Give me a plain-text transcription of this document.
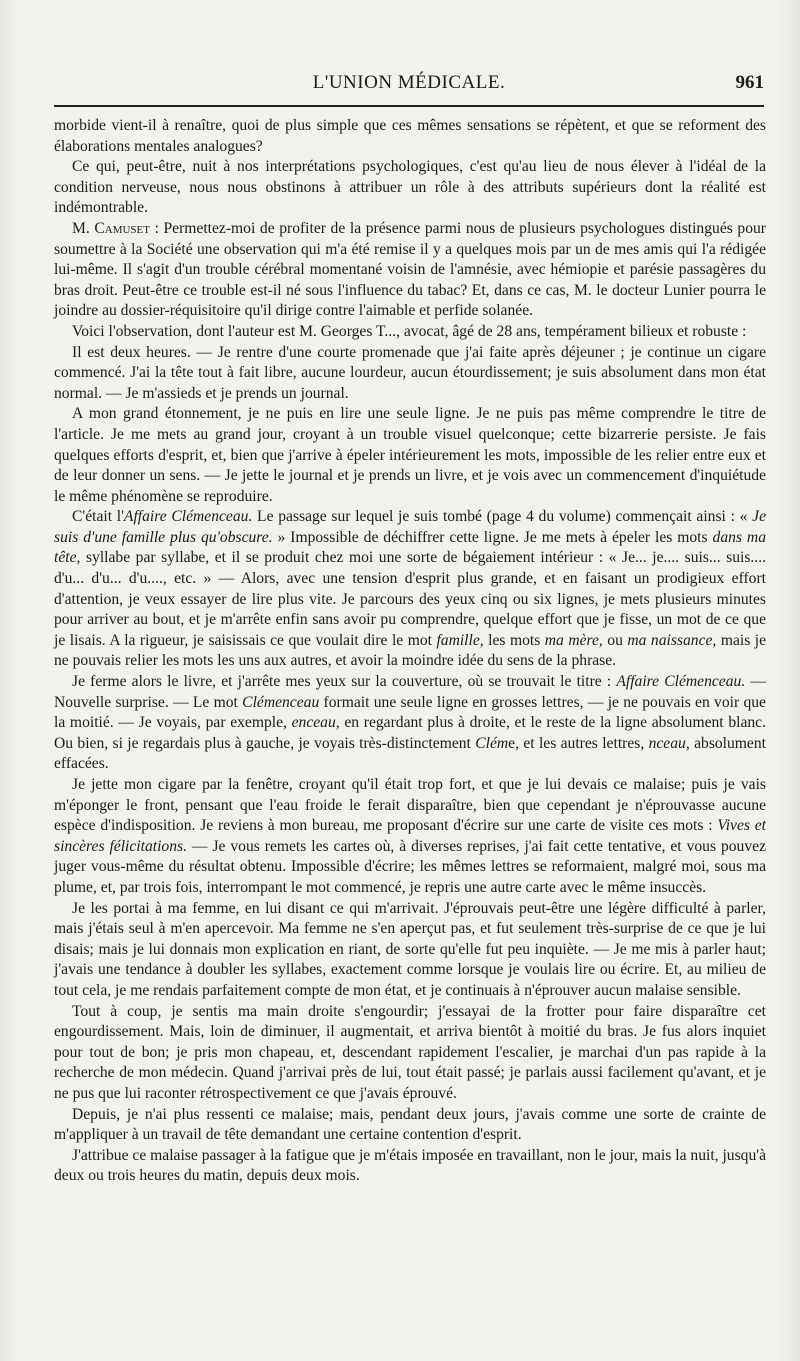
L'UNION MÉDICALE.	961

morbide vient-il à renaître, quoi de plus simple que ces mêmes sensations se répètent, et que se reforment des élaborations mentales analogues?

Ce qui, peut-être, nuit à nos interprétations psychologiques, c'est qu'au lieu de nous élever à l'idéal de la condition nerveuse, nous nous obstinons à attribuer un rôle à des attributs supérieurs dont la réalité est indémontrable.

M. Camuset : Permettez-moi de profiter de la présence parmi nous de plusieurs psychologues distingués pour soumettre à la Société une observation qui m'a été remise il y a quelques mois par un de mes amis qui l'a rédigée lui-même. Il s'agit d'un trouble cérébral momentané voisin de l'amnésie, avec hémiopie et parésie passagères du bras droit. Peut-être ce trouble est-il né sous l'influence du tabac? Et, dans ce cas, M. le docteur Lunier pourra le joindre au dossier-réquisitoire qu'il dirige contre l'aimable et perfide solanée.

Voici l'observation, dont l'auteur est M. Georges T..., avocat, âgé de 28 ans, tempérament bilieux et robuste :

Il est deux heures. — Je rentre d'une courte promenade que j'ai faite après déjeuner ; je continue un cigare commencé. J'ai la tête tout à fait libre, aucune lourdeur, aucun étourdissement; je suis absolument dans mon état normal. — Je m'assieds et je prends un journal.

A mon grand étonnement, je ne puis en lire une seule ligne. Je ne puis pas même comprendre le titre de l'article. Je me mets au grand jour, croyant à un trouble visuel quelconque; cette bizarrerie persiste. Je fais quelques efforts d'esprit, et, bien que j'arrive à épeler intérieurement les mots, impossible de les relier entre eux et de leur donner un sens. — Je jette le journal et je prends un livre, et je vois avec un commencement d'inquiétude le même phénomène se reproduire.

C'était l'Affaire Clémenceau. Le passage sur lequel je suis tombé (page 4 du volume) commençait ainsi : « Je suis d'une famille plus qu'obscure. » Impossible de déchiffrer cette ligne. Je me mets à épeler les mots dans ma tête, syllabe par syllabe, et il se produit chez moi une sorte de bégaiement intérieur : « Je... je.... suis... suis.... d'u... d'u... d'u...., etc. » — Alors, avec une tension d'esprit plus grande, et en faisant un prodigieux effort d'attention, je veux essayer de lire plus vite. Je parcours des yeux cinq ou six lignes, je mets plusieurs minutes pour arriver au bout, et je m'arrête enfin sans avoir pu comprendre, quelque effort que je fisse, un mot de ce que je lisais. A la rigueur, je saisissais ce que voulait dire le mot famille, les mots ma mère, ou ma naissance, mais je ne pouvais relier les mots les uns aux autres, et avoir la moindre idée du sens de la phrase.

Je ferme alors le livre, et j'arrête mes yeux sur la couverture, où se trouvait le titre : Affaire Clémenceau. — Nouvelle surprise. — Le mot Clémenceau formait une seule ligne en grosses lettres, — je ne pouvais en voir que la moitié. — Je voyais, par exemple, enceau, en regardant plus à droite, et le reste de la ligne absolument blanc. Ou bien, si je regardais plus à gauche, je voyais très-distinctement Cléme, et les autres lettres, nceau, absolument effacées.

Je jette mon cigare par la fenêtre, croyant qu'il était trop fort, et que je lui devais ce malaise; puis je vais m'éponger le front, pensant que l'eau froide le ferait disparaître, bien que cependant je n'éprouvasse aucune espèce d'indisposition. Je reviens à mon bureau, me proposant d'écrire sur une carte de visite ces mots : Vives et sincères félicitations. — Je vous remets les cartes où, à diverses reprises, j'ai fait cette tentative, et vous pouvez juger vous-même du résultat obtenu. Impossible d'écrire; les mêmes lettres se reformaient, malgré moi, sous ma plume, et, par trois fois, interrompant le mot commencé, je repris une autre carte avec le même insuccès.

Je les portai à ma femme, en lui disant ce qui m'arrivait. J'éprouvais peut-être une légère difficulté à parler, mais j'étais seul à m'en apercevoir. Ma femme ne s'en aperçut pas, et fut seulement très-surprise de ce que je lui disais; mais je lui donnais mon explication en riant, de sorte qu'elle fut peu inquiète. — Je me mis à parler haut; j'avais une tendance à doubler les syllabes, exactement comme lorsque je voulais lire ou écrire. Et, au milieu de tout cela, je me rendais parfaitement compte de mon état, et je continuais à n'éprouver aucun malaise sensible.

Tout à coup, je sentis ma main droite s'engourdir; j'essayai de la frotter pour faire disparaître cet engourdissement. Mais, loin de diminuer, il augmentait, et arriva bientôt à moitié du bras. Je fus alors inquiet pour tout de bon; je pris mon chapeau, et, descendant rapidement l'escalier, je marchai d'un pas rapide à la recherche de mon médecin. Quand j'arrivai près de lui, tout était passé; je parlais aussi facilement qu'avant, et je ne pus que lui raconter rétrospectivement ce que j'avais éprouvé.

Depuis, je n'ai plus ressenti ce malaise; mais, pendant deux jours, j'avais comme une sorte de crainte de m'appliquer à un travail de tête demandant une certaine contention d'esprit.

J'attribue ce malaise passager à la fatigue que je m'étais imposée en travaillant, non le jour, mais la nuit, jusqu'à deux ou trois heures du matin, depuis deux mois.
